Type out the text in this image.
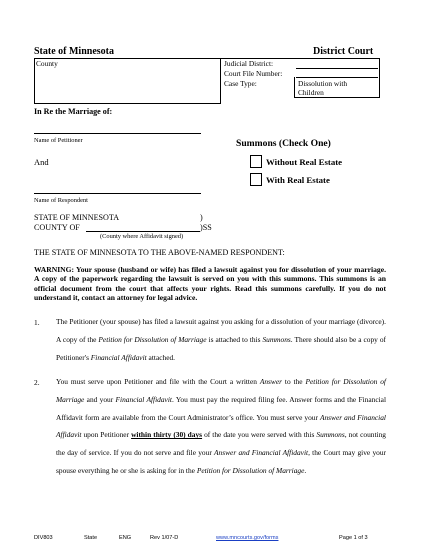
State of Minnesota	District Court
County	Judicial District:
Court File Number:
Case Type:	Dissolution with
Children
In Re the Marriage of:
Name of Petitioner
And
Name of Respondent
Summons (Check One)
Without Real Estate
With Real Estate
STATE OF MINNESOTA	)
COUNTY OF	)SS
(County where Affidavit signed)
THE STATE OF MINNESOTA TO THE ABOVE-NAMED RESPONDENT:
WARNING: Your spouse (husband or wife) has filed a lawsuit against you for dissolution of your marriage. A copy of the paperwork regarding the lawsuit is served on you with this summons. This summons is an official document from the court that affects your rights. Read this summons carefully. If you do not understand it, contact an attorney for legal advice.
1. The Petitioner (your spouse) has filed a lawsuit against you asking for a dissolution of your marriage (divorce). A copy of the Petition for Dissolution of Marriage is attached to this Summons. There should also be a copy of Petitioner's Financial Affidavit attached.
2. You must serve upon Petitioner and file with the Court a written Answer to the Petition for Dissolution of Marriage and your Financial Affidavit. You must pay the required filing fee. Answer forms and the Financial Affidavit form are available from the Court Administrator’s office. You must serve your Answer and Financial Affidavit upon Petitioner within thirty (30) days of the date you were served with this Summons, not counting the day of service. If you do not serve and file your Answer and Financial Affidavit, the Court may give your spouse everything he or she is asking for in the Petition for Dissolution of Marriage.
DIV803	State	ENG	Rev 1/07-D	www.mncourts.gov/forms	Page 1 of 3
